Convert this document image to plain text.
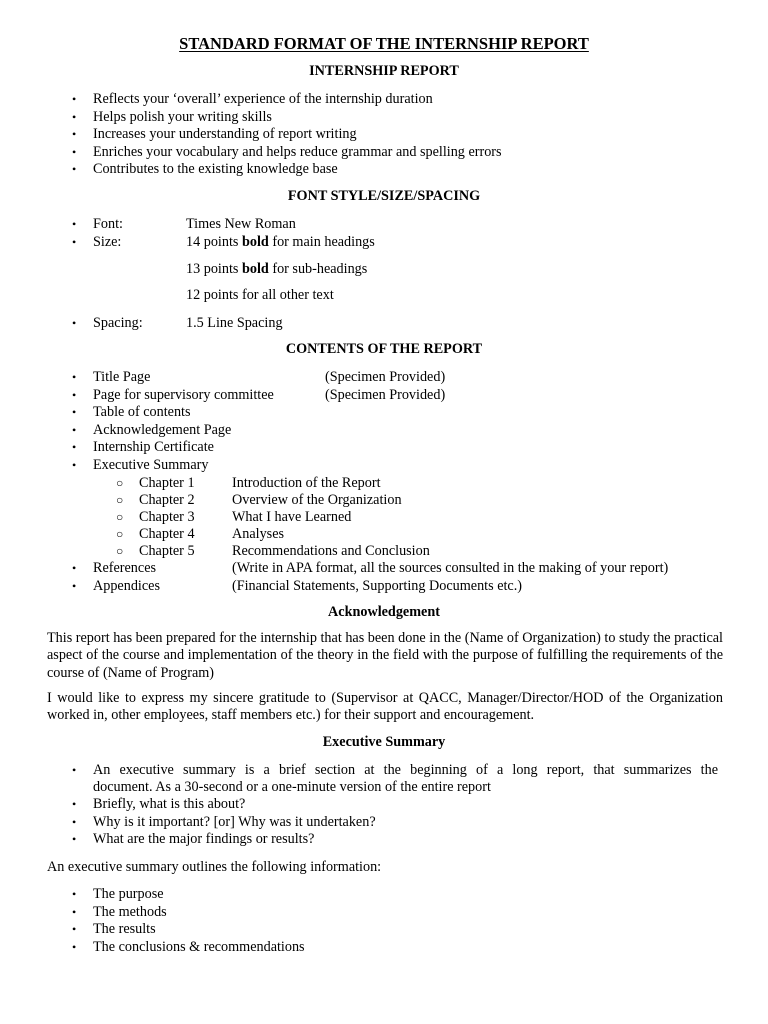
STANDARD FORMAT OF THE INTERNSHIP REPORT
INTERNSHIP REPORT
• Reflects your ‘overall’ experience of the internship duration
• Helps polish your writing skills
• Increases your understanding of report writing
• Enriches your vocabulary and helps reduce grammar and spelling errors
• Contributes to the existing knowledge base
FONT STYLE/SIZE/SPACING
• Font:	Times New Roman
• Size:	14 points bold for main headings
13 points bold for sub-headings
12 points for all other text
• Spacing:	1.5 Line Spacing
CONTENTS OF THE REPORT
• Title Page	(Specimen Provided)
• Page for supervisory committee	(Specimen Provided)
• Table of contents
• Acknowledgement Page
• Internship Certificate
• Executive Summary
○ Chapter 1	Introduction of the Report
○ Chapter 2	Overview of the Organization
○ Chapter 3	What I have Learned
○ Chapter 4	Analyses
○ Chapter 5	Recommendations and Conclusion
• References	(Write in APA format, all the sources consulted in the making of your report)
• Appendices	(Financial Statements, Supporting Documents etc.)
Acknowledgement
This report has been prepared for the internship that has been done in the (Name of Organization) to study the practical aspect of the course and implementation of the theory in the field with the purpose of fulfilling the requirements of the course of (Name of Program)
I would like to express my sincere gratitude to (Supervisor at QACC, Manager/Director/HOD of the Organization worked in, other employees, staff members etc.) for their support and encouragement.
Executive Summary
• An executive summary is a brief section at the beginning of a long report, that summarizes the
document. As a 30-second or a one-minute version of the entire report
• Briefly, what is this about?
• Why is it important? [or] Why was it undertaken?
• What are the major findings or results?
An executive summary outlines the following information:
• The purpose
• The methods
• The results
• The conclusions & recommendations
